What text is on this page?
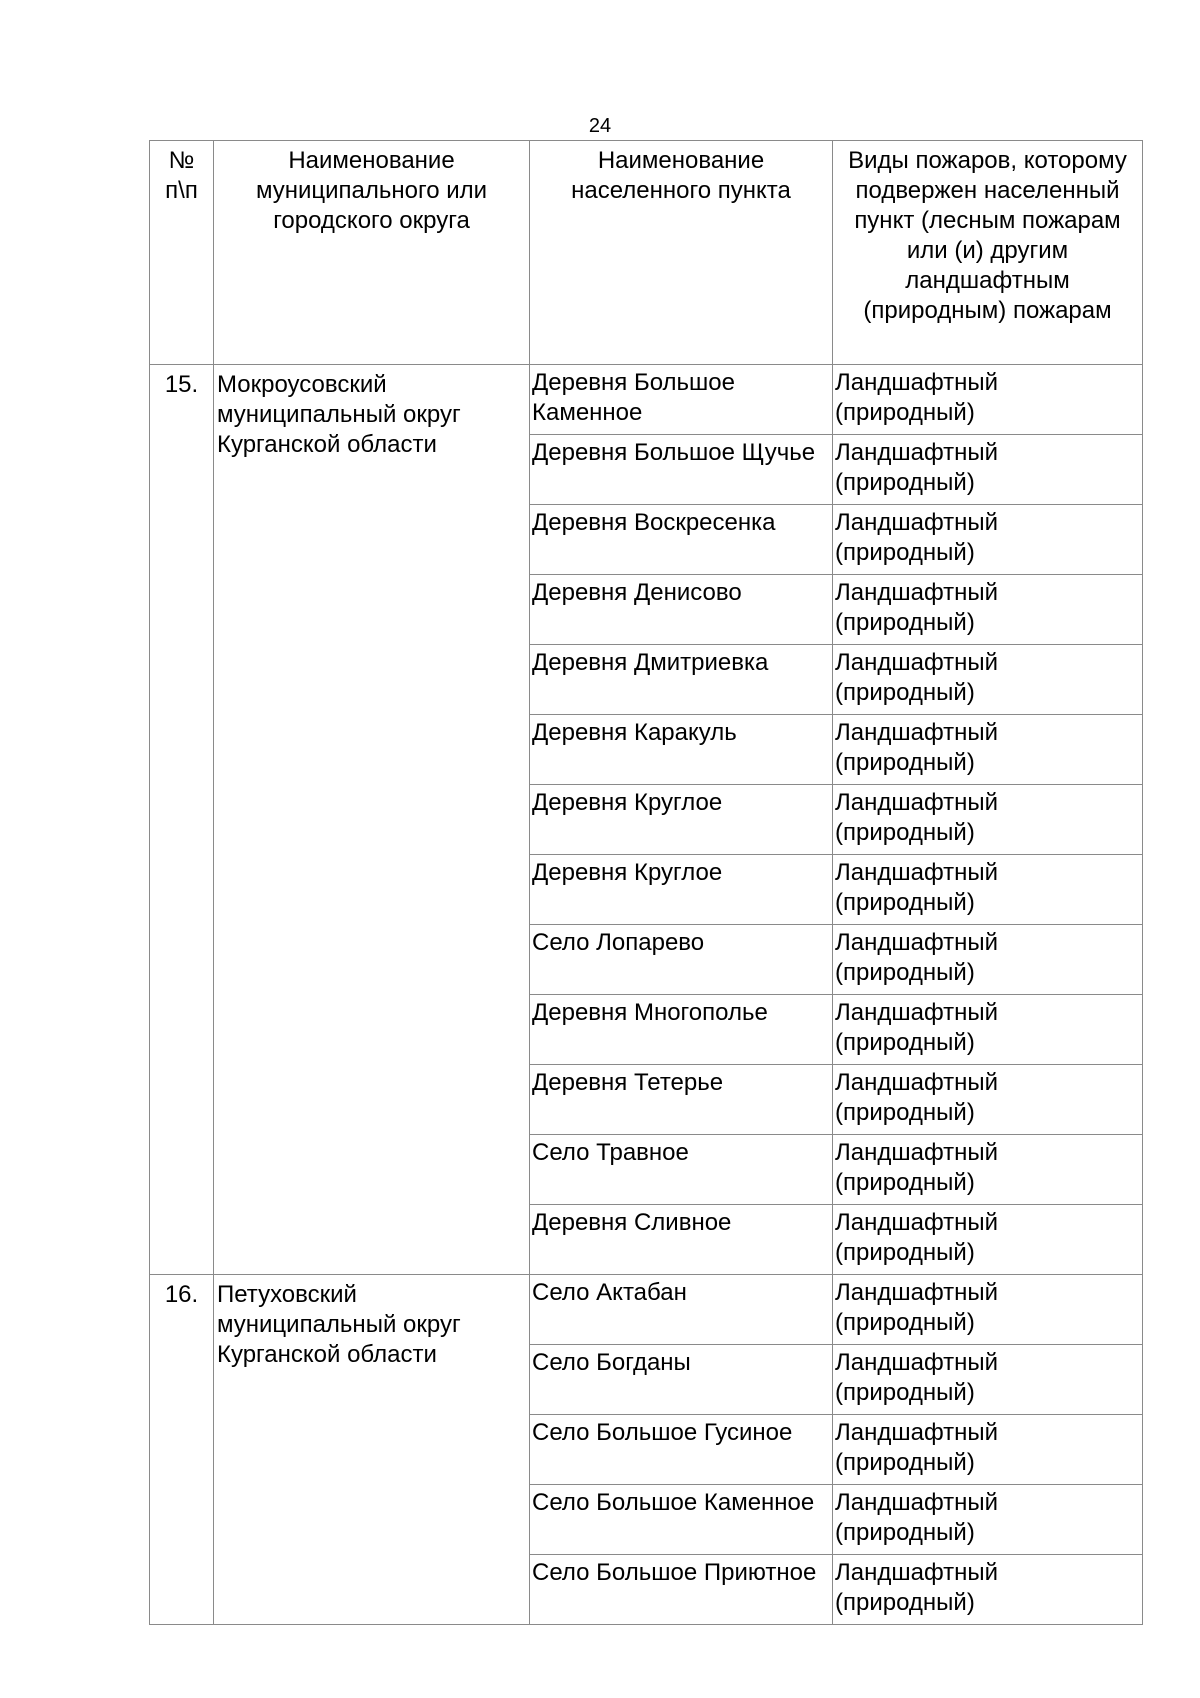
24
№ п\п	Наименование муниципального или городского округа	Наименование населенного пункта	Виды пожаров, которому подвержен населенный пункт (лесным пожарам или (и) другим ландшафтным (природным) пожарам
15.	Мокроусовский муниципальный округ Курганской области	Деревня Большое Каменное	Ландшафтный (природный)
		Деревня Большое Щучье	Ландшафтный (природный)
		Деревня Воскресенка	Ландшафтный (природный)
		Деревня Денисово	Ландшафтный (природный)
		Деревня Дмитриевка	Ландшафтный (природный)
		Деревня Каракуль	Ландшафтный (природный)
		Деревня Круглое	Ландшафтный (природный)
		Деревня Круглое	Ландшафтный (природный)
		Село Лопарево	Ландшафтный (природный)
		Деревня Многополье	Ландшафтный (природный)
		Деревня Тетерье	Ландшафтный (природный)
		Село Травное	Ландшафтный (природный)
		Деревня Сливное	Ландшафтный (природный)
16.	Петуховский муниципальный округ Курганской области	Село Актабан	Ландшафтный (природный)
		Село Богданы	Ландшафтный (природный)
		Село Большое Гусиное	Ландшафтный (природный)
		Село Большое Каменное	Ландшафтный (природный)
		Село Большое Приютное	Ландшафтный (природный)
